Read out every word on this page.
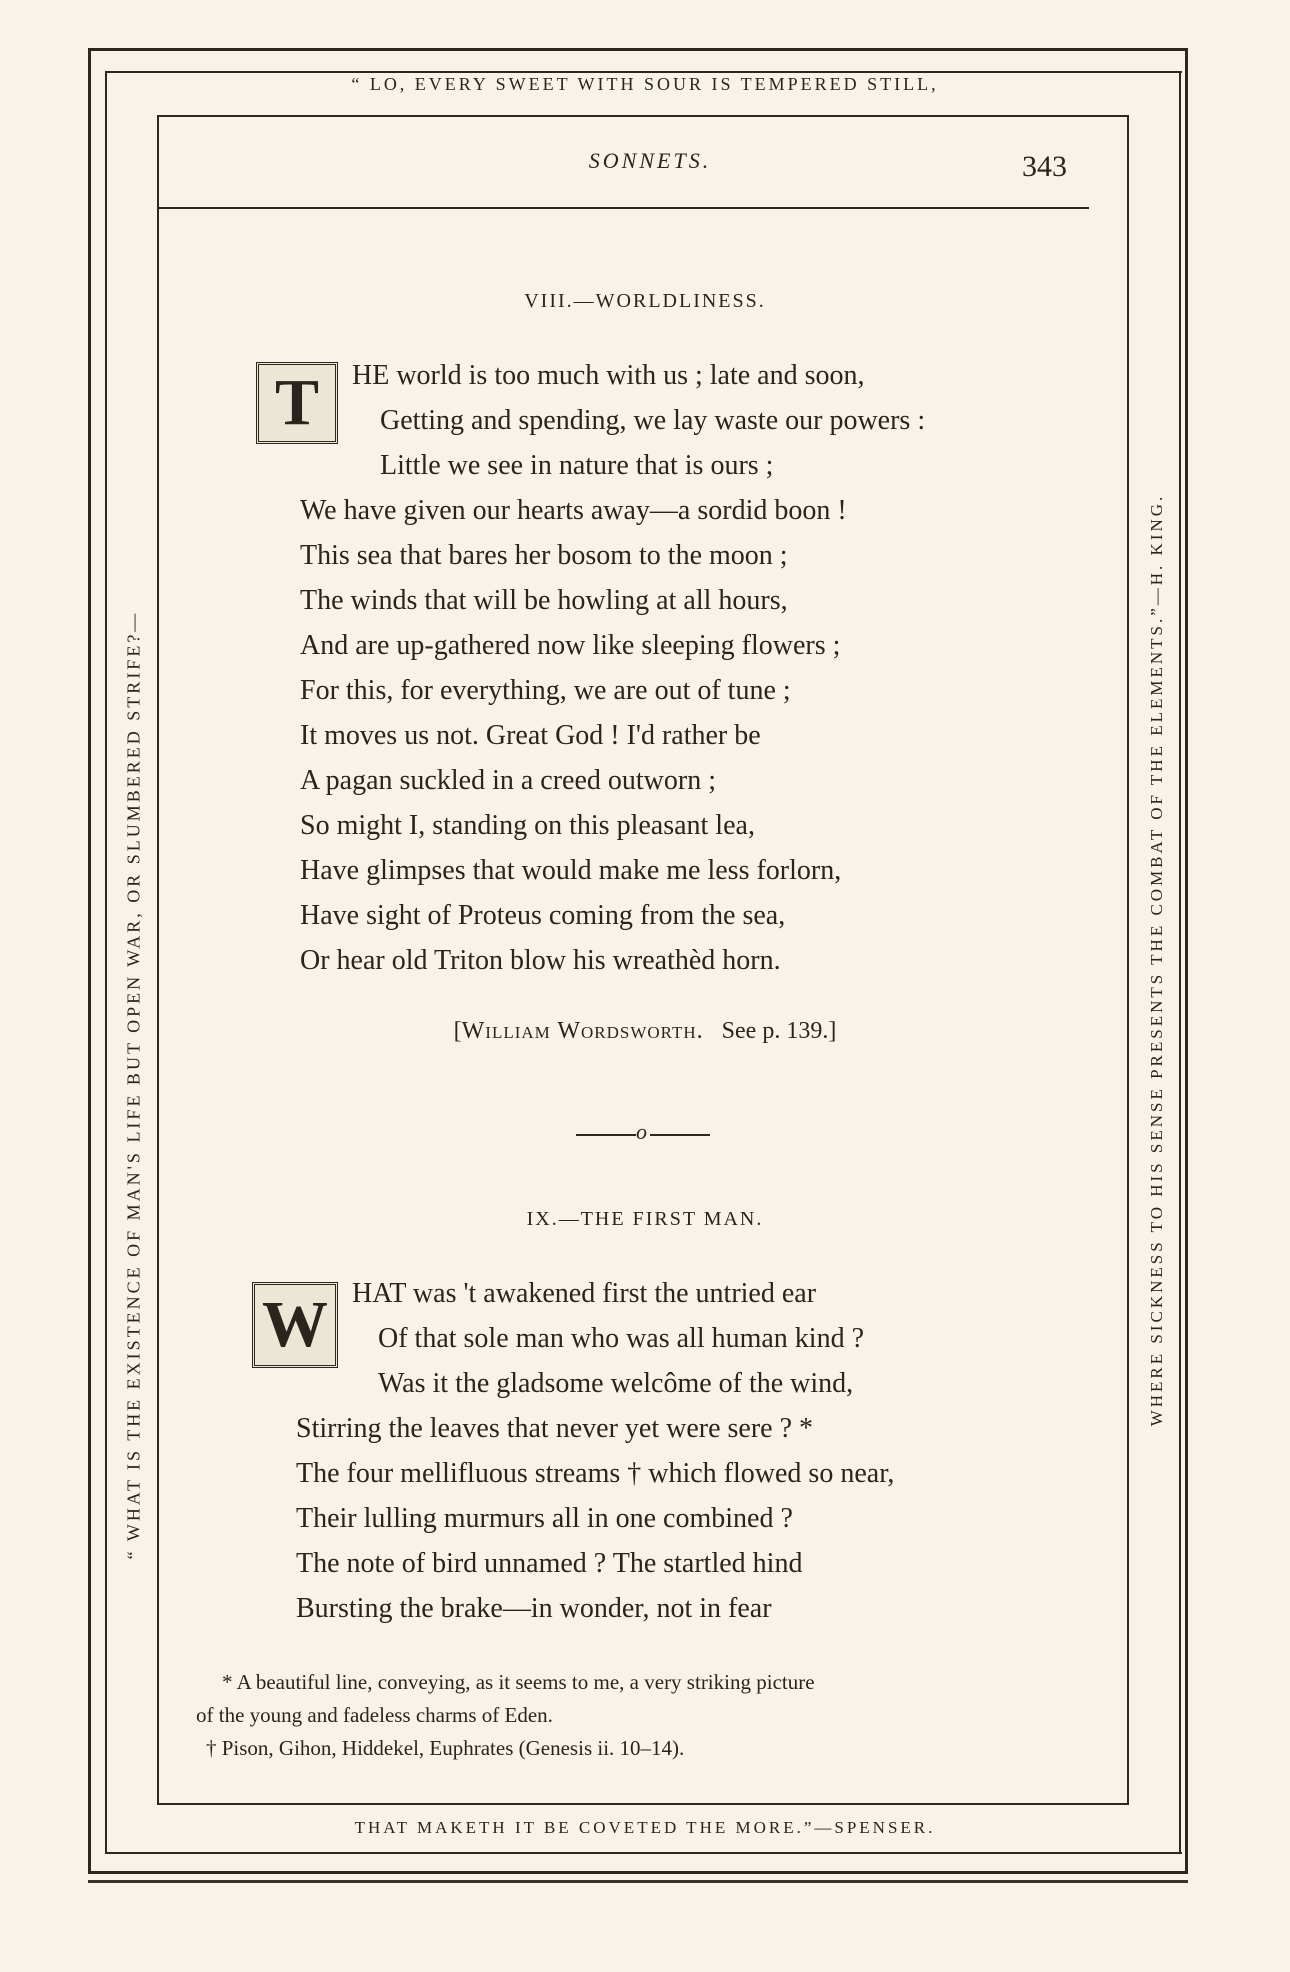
“ LO, EVERY SWEET WITH SOUR IS TEMPERED STILL,
“ WHAT IS THE EXISTENCE OF MAN'S LIFE BUT OPEN WAR, OR SLUMBERED STRIFE?—	WHERE SICKNESS TO HIS SENSE PRESENTS THE COMBAT OF THE ELEMENTS.”—H. KING.
THAT MAKETH IT BE COVETED THE MORE.”—SPENSER.
SONNETS.	343
VIII.—WORLDLINESS.
T	HE world is too much with us ; late and soon,
Getting and spending, we lay waste our powers :
Little we see in nature that is ours ;
We have given our hearts away—a sordid boon !
This sea that bares her bosom to the moon ;
The winds that will be howling at all hours,
And are up-gathered now like sleeping flowers ;
For this, for everything, we are out of tune ;
It moves us not. Great God ! I'd rather be
A pagan suckled in a creed outworn ;
So might I, standing on this pleasant lea,
Have glimpses that would make me less forlorn,
Have sight of Proteus coming from the sea,
Or hear old Triton blow his wreathèd horn.
[William Wordsworth. See p. 139.]
o
IX.—THE FIRST MAN.
W HAT was 't awakened first the untried ear
Of that sole man who was all human kind ?
Was it the gladsome welcôme of the wind,
Stirring the leaves that never yet were sere ? *
The four mellifluous streams † which flowed so near,
Their lulling murmurs all in one combined ?
The note of bird unnamed ? The startled hind
Bursting the brake—in wonder, not in fear
* A beautiful line, conveying, as it seems to me, a very striking picture
of the young and fadeless charms of Eden.
† Pison, Gihon, Hiddekel, Euphrates (Genesis ii. 10–14).
